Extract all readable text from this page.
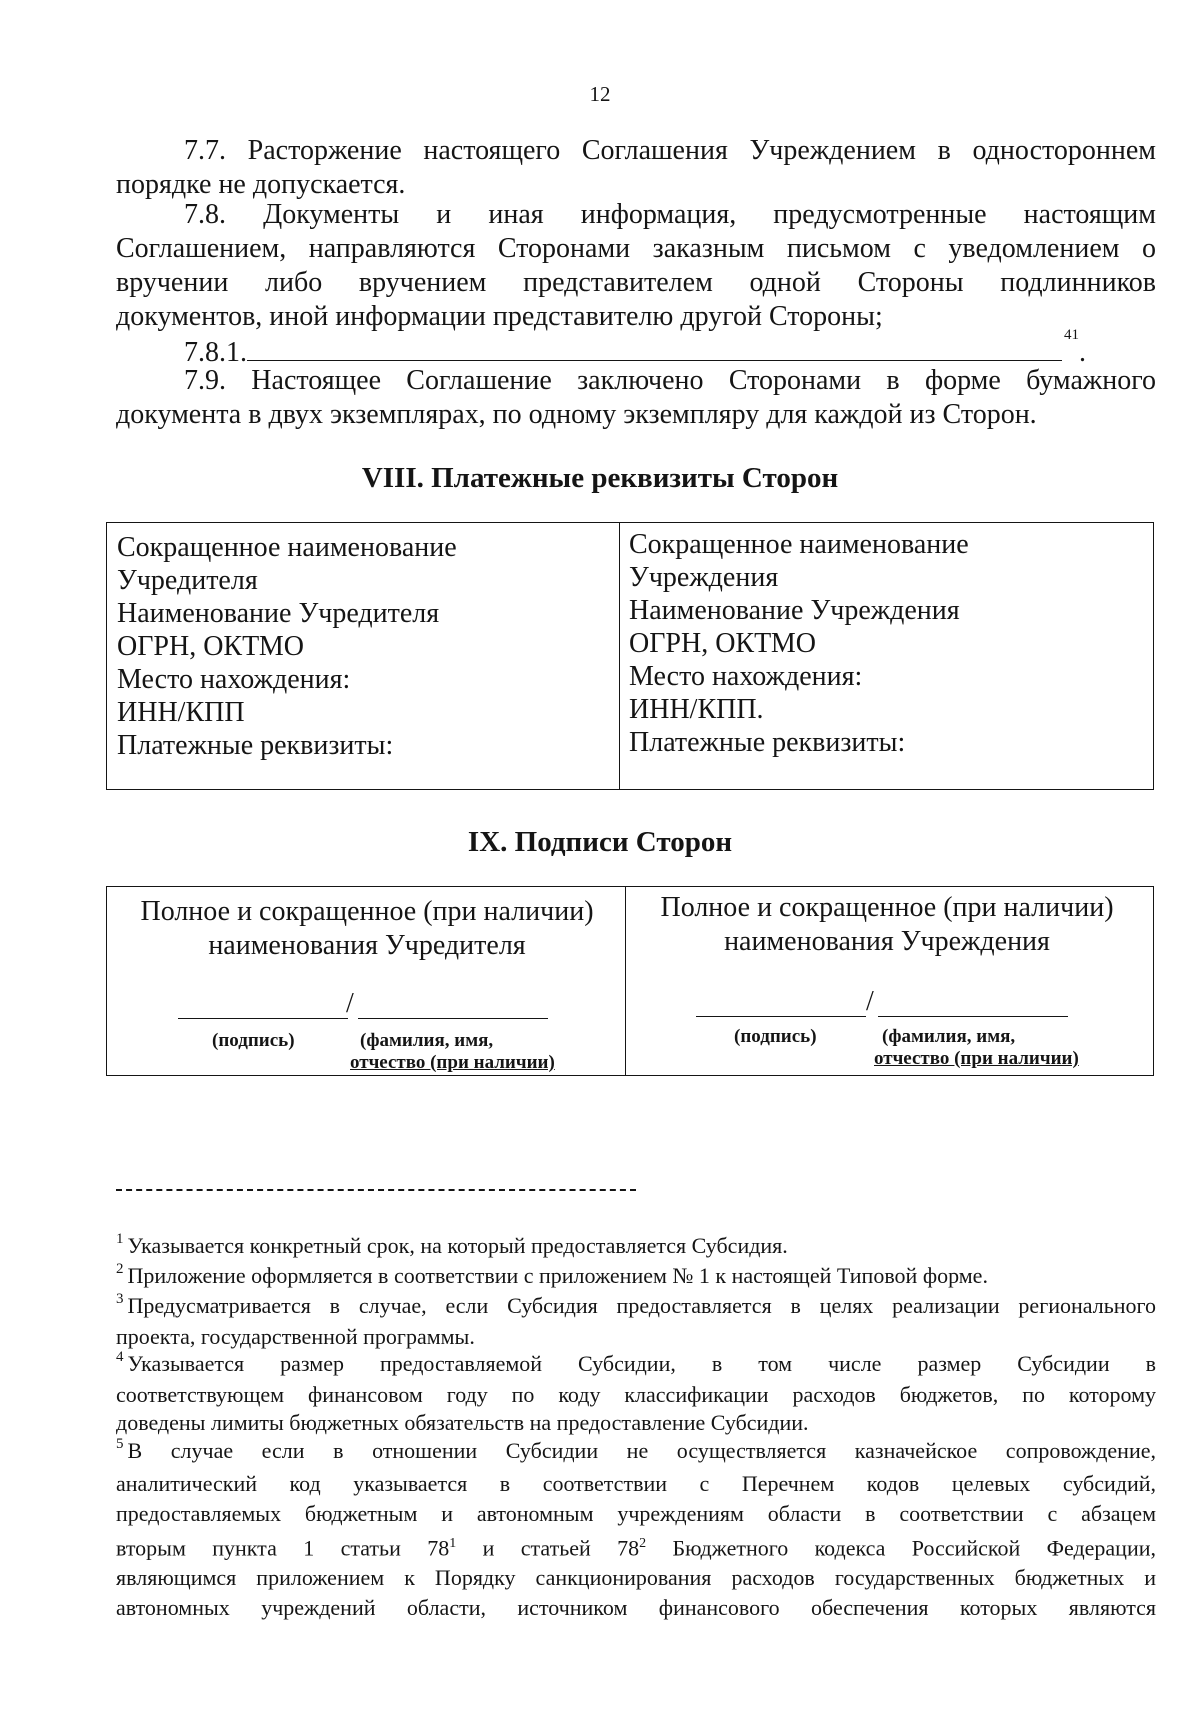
12
7.7. Расторжение настоящего Соглашения Учреждением в одностороннем
порядке не допускается.
7.8. Документы и иная информация, предусмотренные настоящим
Соглашением, направляются Сторонами заказным письмом с уведомлением о
вручении либо вручением представителем одной Стороны подлинников
документов, иной информации представителю другой Стороны;
7.8.1.41.
7.9. Настоящее Соглашение заключено Сторонами в форме бумажного
документа в двух экземплярах, по одному экземпляру для каждой из Сторон.
VIII. Платежные реквизиты Сторон
Сокращенное наименование
Учредителя
Наименование Учредителя
ОГРН, ОКТМО
Место нахождения:
ИНН/КПП
Платежные реквизиты:
Сокращенное наименование
Учреждения
Наименование Учреждения
ОГРН, ОКТМО
Место нахождения:
ИНН/КПП.
Платежные реквизиты:
IX. Подписи Сторон
Полное и сокращенное (при наличии)
наименования Учредителя
Полное и сокращенное (при наличии)
наименования Учреждения
/
(подпись)	(фамилия, имя,
отчество (при наличии)
/
(подпись)	(фамилия, имя,
отчество (при наличии)
$^1$ Указывается конкретный срок, на который предоставляется Субсидия.
$^2$ Приложение оформляется в соответствии с приложением № 1 к настоящей Типовой форме.
$^3$ Предусматривается в случае, если Субсидия предоставляется в целях реализации регионального
проекта, государственной программы.
$^4$ Указывается размер предоставляемой Субсидии, в том числе размер Субсидии в
соответствующем финансовом году по коду классификации расходов бюджетов, по которому
доведены лимиты бюджетных обязательств на предоставление Субсидии.
$^5$ В случае если в отношении Субсидии не осуществляется казначейское сопровождение,
аналитический код указывается в соответствии с Перечнем кодов целевых субсидий,
предоставляемых бюджетным и автономным учреждениям области в соответствии с абзацем
вторым пункта 1 статьи $78^1$ и статьей $78^2$ Бюджетного кодекса Российской Федерации,
являющимся приложением к Порядку санкционирования расходов государственных бюджетных и
автономных учреждений области, источником финансового обеспечения которых являются
